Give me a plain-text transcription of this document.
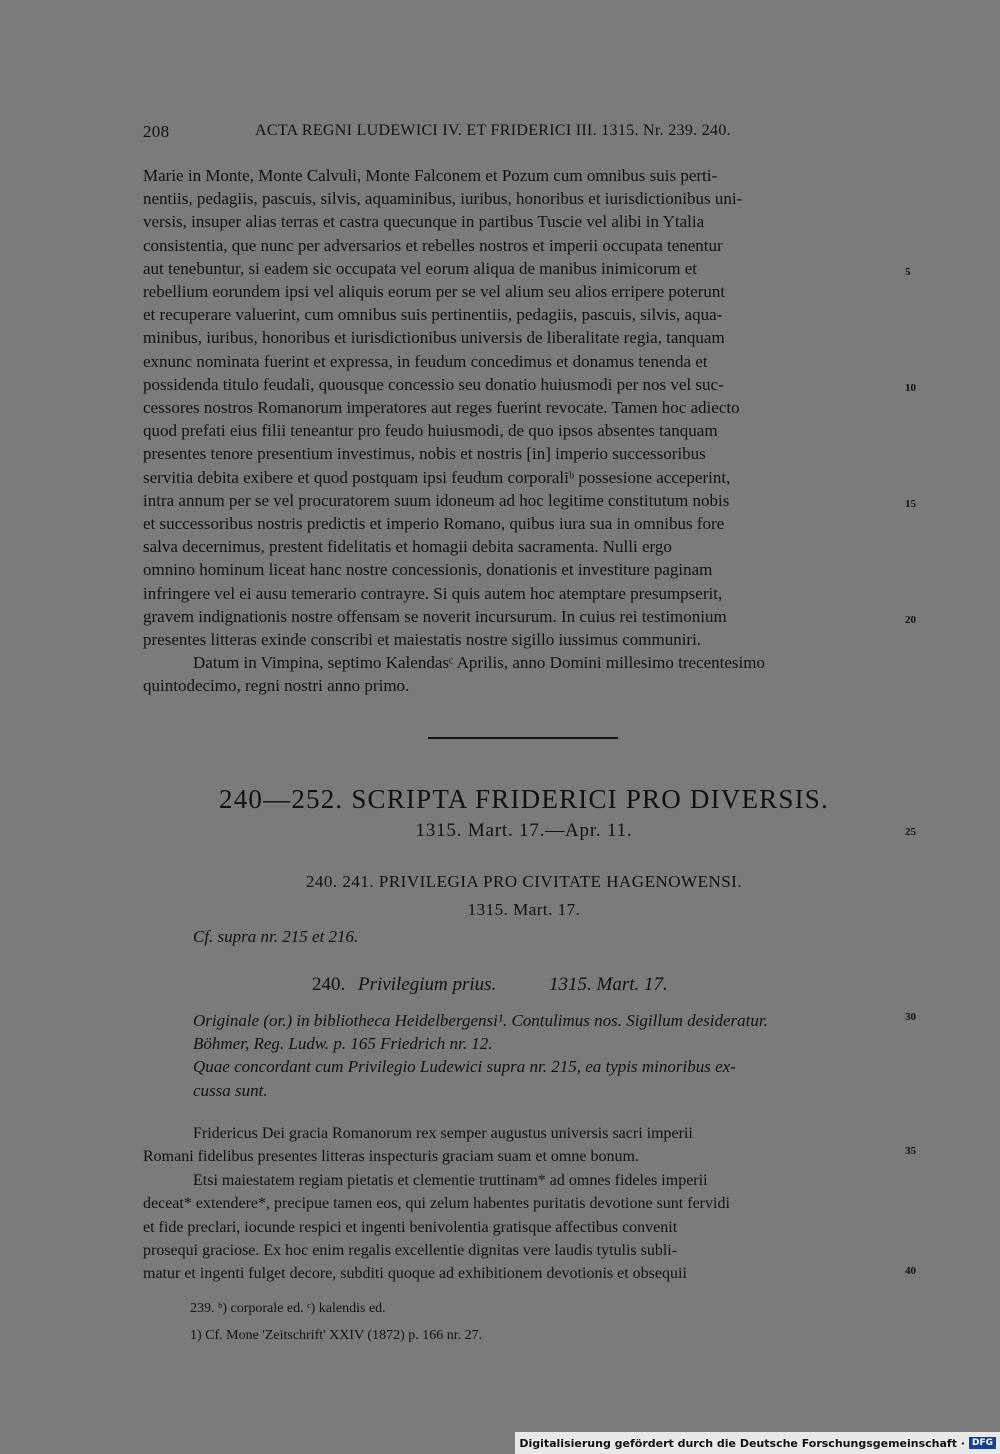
208	ACTA REGNI LUDEWICI IV. ET FRIDERICI III. 1315. Nr. 239. 240.

Marie in Monte, Monte Calvuli, Monte Falconem et Pozum cum omnibus suis perti-

nentiis, pedagiis, pascuis, silvis, aquaminibus, iuribus, honoribus et iurisdictionibus uni-

versis, insuper alias terras et castra quecunque in partibus Tuscie vel alibi in Ytalia

consistentia, que nunc per adversarios et rebelles nostros et imperii occupata tenentur

aut tenebuntur, si eadem sic occupata vel eorum aliqua de manibus inimicorum et

rebellium eorundem ipsi vel aliquis eorum per se vel alium seu alios erripere poterunt

et recuperare valuerint, cum omnibus suis pertinentiis, pedagiis, pascuis, silvis, aqua-

minibus, iuribus, honoribus et iurisdictionibus universis de liberalitate regia, tanquam

exnunc nominata fuerint et expressa, in feudum concedimus et donamus tenenda et

possidenda titulo feudali, quousque concessio seu donatio huiusmodi per nos vel suc-

cessores nostros Romanorum imperatores aut reges fuerint revocate. Tamen hoc adiecto

quod prefati eius filii teneantur pro feudo huiusmodi, de quo ipsos absentes tanquam

presentes tenore presentium investimus, nobis et nostris [in] imperio successoribus

servitia debita exibere et quod postquam ipsi feudum corporaliᵇ possesione acceperint,

intra annum per se vel procuratorem suum idoneum ad hoc legitime constitutum nobis

et successoribus nostris predictis et imperio Romano, quibus iura sua in omnibus fore

salva decernimus, prestent fidelitatis et homagii debita sacramenta. Nulli ergo

omnino hominum liceat hanc nostre concessionis, donationis et investiture paginam

infringere vel ei ausu temerario contrayre. Si quis autem hoc atemptare presumpserit,

gravem indignationis nostre offensam se noverit incursurum. In cuius rei testimonium

presentes litteras exinde conscribi et maiestatis nostre sigillo iussimus communiri.

Datum in Vimpina, septimo Kalendasᶜ Aprilis, anno Domini millesimo trecentesimo

quintodecimo, regni nostri anno primo.

5
10
15
20
25
30
35
40
240—252. SCRIPTA FRIDERICI PRO DIVERSIS.
1315. Mart. 17.—Apr. 11.
240. 241. PRIVILEGIA PRO CIVITATE HAGENOWENSI.
1315. Mart. 17.
Cf. supra nr. 215 et 216.
240. Privilegium prius.	1315. Mart. 17.

Originale (or.) in bibliotheca Heidelbergensi¹. Contulimus nos. Sigillum desideratur.

Böhmer, Reg. Ludw. p. 165 Friedrich nr. 12.

Quae concordant cum Privilegio Ludewici supra nr. 215, ea typis minoribus ex-

cussa sunt.

Fridericus Dei gracia Romanorum rex semper augustus universis sacri imperii

Romani fidelibus presentes litteras inspecturis graciam suam et omne bonum.

Etsi maiestatem regiam pietatis et clementie truttinam* ad omnes fideles imperii

deceat* extendere*, precipue tamen eos, qui zelum habentes puritatis devotione sunt fervidi

et fide preclari, iocunde respici et ingenti benivolentia gratisque affectibus convenit

prosequi graciose. Ex hoc enim regalis excellentie dignitas vere laudis tytulis subli-

matur et ingenti fulget decore, subditi quoque ad exhibitionem devotionis et obsequii

239. ᵇ) corporale ed. ᶜ) kalendis ed.
1) Cf. Mone 'Zeitschrift' XXIV (1872) p. 166 nr. 27.
Digitalisierung gefördert durch die Deutsche Forschungsgemeinschaft · DFG
